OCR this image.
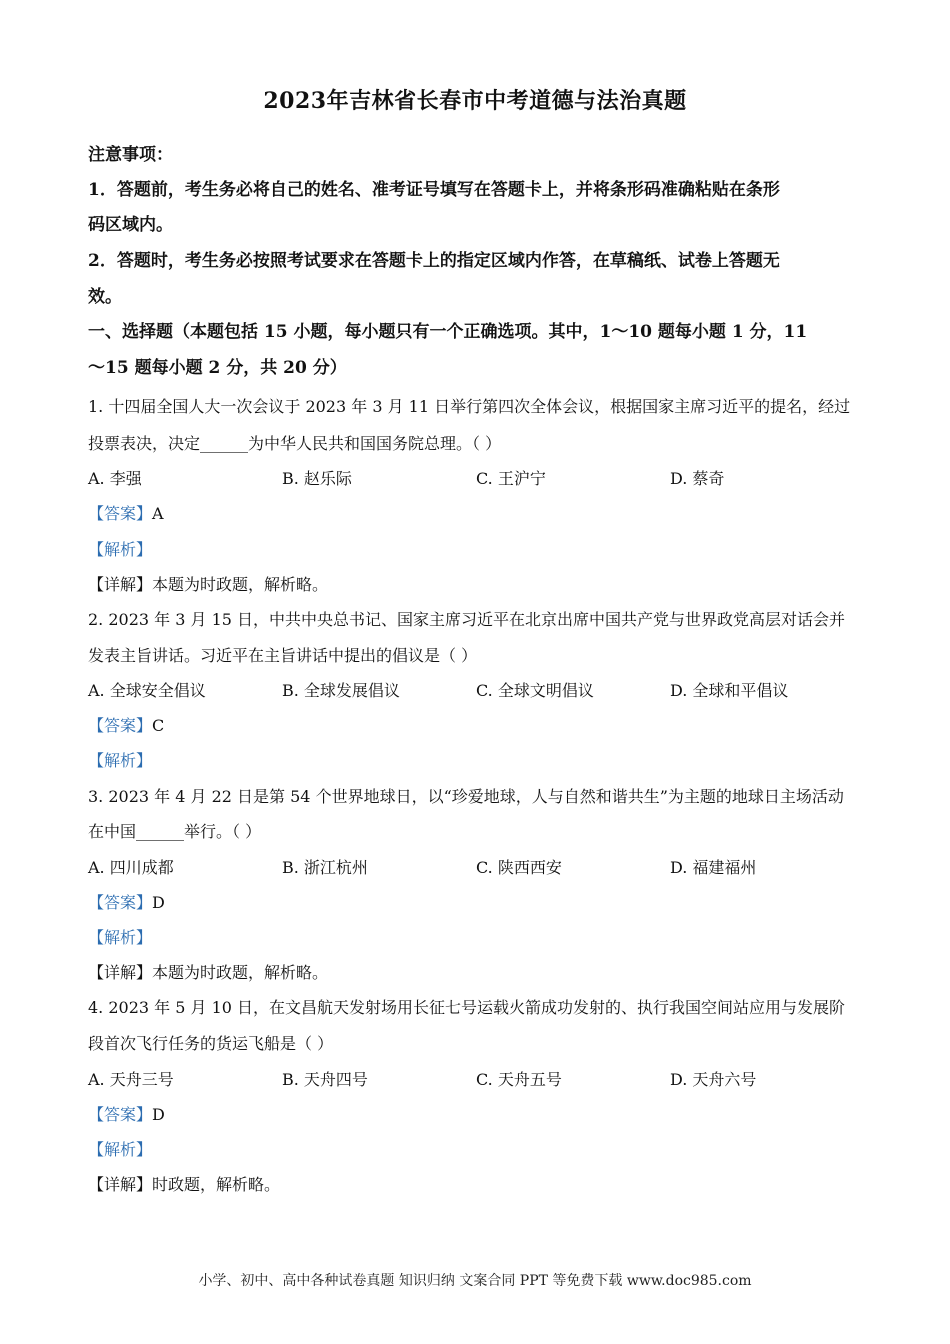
2023年吉林省长春市中考道德与法治真题
注意事项：
1．答题前，考生务必将自己的姓名、准考证号填写在答题卡上，并将条形码准确粘贴在条形
码区域内。
2．答题时，考生务必按照考试要求在答题卡上的指定区域内作答，在草稿纸、试卷上答题无
效。
一、选择题（本题包括 15 小题，每小题只有一个正确选项。其中，1～10 题每小题 1 分，11
～15 题每小题 2 分，共 20 分）
1. 十四届全国人大一次会议于 2023 年 3 月 11 日举行第四次全体会议，根据国家主席习近平的提名，经过
投票表决，决定______为中华人民共和国国务院总理。（ ）
A. 李强	B. 赵乐际	C. 王沪宁	D. 蔡奇
【答案】A
【解析】
【详解】本题为时政题，解析略。
2. 2023 年 3 月 15 日，中共中央总书记、国家主席习近平在北京出席中国共产党与世界政党高层对话会并
发表主旨讲话。习近平在主旨讲话中提出的倡议是（ ）
A. 全球安全倡议	B. 全球发展倡议	C. 全球文明倡议	D. 全球和平倡议
【答案】C
【解析】
3. 2023 年 4 月 22 日是第 54 个世界地球日，以“珍爱地球，人与自然和谐共生”为主题的地球日主场活动
在中国______举行。（ ）
A. 四川成都	B. 浙江杭州	C. 陕西西安	D. 福建福州
【答案】D
【解析】
【详解】本题为时政题，解析略。
4. 2023 年 5 月 10 日，在文昌航天发射场用长征七号运载火箭成功发射的、执行我国空间站应用与发展阶
段首次飞行任务的货运飞船是（ ）
A. 天舟三号	B. 天舟四号	C. 天舟五号	D. 天舟六号
【答案】D
【解析】
【详解】时政题，解析略。
小学、初中、高中各种试卷真题 知识归纳 文案合同 PPT 等免费下载 www.doc985.com
